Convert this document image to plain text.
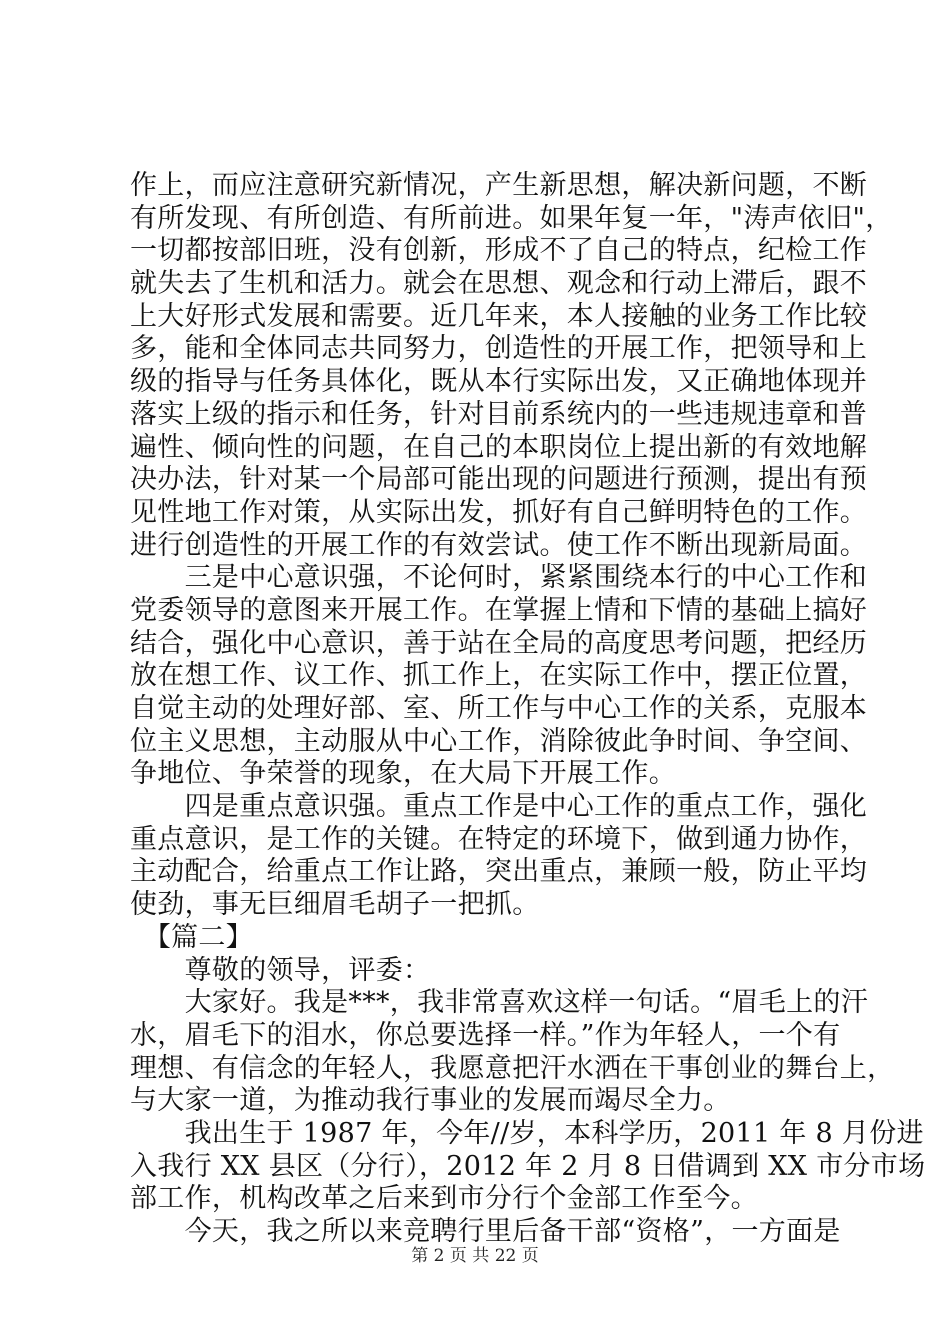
作上，而应注意研究新情况，产生新思想，解决新问题，不断
有所发现、有所创造、有所前进。如果年复一年，"涛声依旧"，
一切都按部旧班，没有创新，形成不了自己的特点，纪检工作
就失去了生机和活力。就会在思想、观念和行动上滞后，跟不
上大好形式发展和需要。近几年来，本人接触的业务工作比较
多，能和全体同志共同努力，创造性的开展工作，把领导和上
级的指导与任务具体化，既从本行实际出发，又正确地体现并
落实上级的指示和任务，针对目前系统内的一些违规违章和普
遍性、倾向性的问题，在自己的本职岗位上提出新的有效地解
决办法，针对某一个局部可能出现的问题进行预测，提出有预
见性地工作对策，从实际出发，抓好有自己鲜明特色的工作。
进行创造性的开展工作的有效尝试。使工作不断出现新局面。
　　三是中心意识强，不论何时，紧紧围绕本行的中心工作和
党委领导的意图来开展工作。在掌握上情和下情的基础上搞好
结合，强化中心意识，善于站在全局的高度思考问题，把经历
放在想工作、议工作、抓工作上，在实际工作中，摆正位置，
自觉主动的处理好部、室、所工作与中心工作的关系，克服本
位主义思想，主动服从中心工作，消除彼此争时间、争空间、
争地位、争荣誉的现象，在大局下开展工作。
　　四是重点意识强。重点工作是中心工作的重点工作，强化
重点意识，是工作的关键。在特定的环境下，做到通力协作，
主动配合，给重点工作让路，突出重点，兼顾一般，防止平均
使劲，事无巨细眉毛胡子一把抓。
　【篇二】
　　尊敬的领导，评委：
　　大家好。我是***，我非常喜欢这样一句话。“眉毛上的汗
水，眉毛下的泪水，你总要选择一样。”作为年轻人，一个有
理想、有信念的年轻人，我愿意把汗水洒在干事创业的舞台上，
与大家一道，为推动我行事业的发展而竭尽全力。
　　我出生于 1987 年，今年//岁，本科学历，2011 年 8 月份进
入我行 XX 县区（分行），2012 年 2 月 8 日借调到 XX 市分市场
部工作，机构改革之后来到市分行个金部工作至今。
　　今天，我之所以来竞聘行里后备干部“资格”，一方面是
第 2 页 共 22 页
